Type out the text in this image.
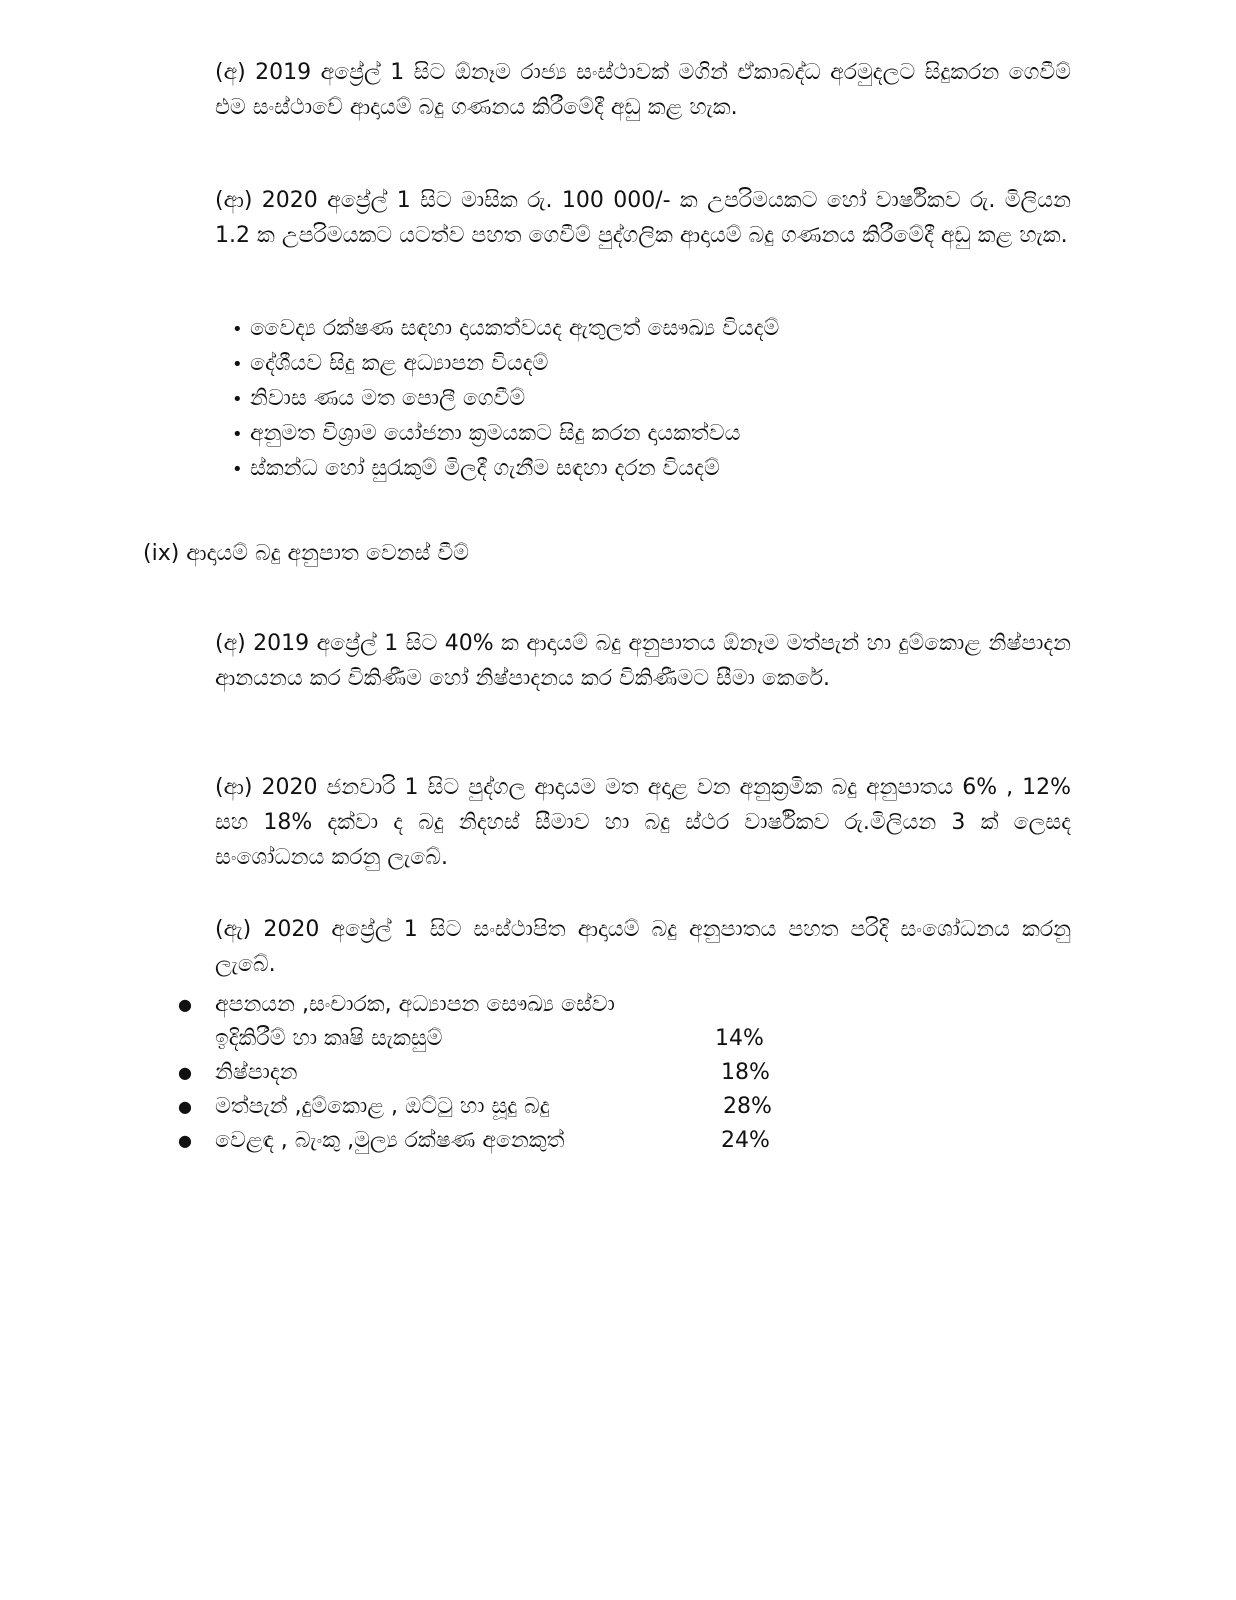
(අ) 2019 අප්‍රේල් 1 සිට ඕනෑම රාජ්‍ය සංස්ථාවක් මගින් ඒකාබද්ධ අරමුදලට සිදුකරන ගෙවීම් එම සංස්ථාවේ ආදායම් බදු ගණනය කිරීමේදී අඩු කළ හැක.

(ආ) 2020 අප්‍රේල් 1 සිට මාසික රු. 100 000/- ක උපරිමයකට හෝ වාර්ෂිකව රු. මිලියන 1.2 ක උපරිමයකට යටත්ව පහත ගෙවීම් පුද්ගලික ආදායම් බදු ගණනය කිරීමේදී අඩු කළ හැක.

• වෛද්‍ය රක්ෂණ සඳහා දායකත්වයද ඇතුලත් සෞඛ්‍ය වියදම්
• දේශීයව සිදු කළ අධ්‍යාපන වියදම්
• නිවාස ණය මත පොලී ගෙවීම්
• අනුමත විශ්‍රාම යෝජනා ක්‍රමයකට සිදු කරන දායකත්වය
• ස්කන්ධ හෝ සුරැකුම් මිලදී ගැනීම සඳහා දරන වියදම්

(ix) ආදායම් බදු අනුපාත වෙනස් වීම්

(අ) 2019 අප්‍රේල් 1 සිට 40% ක ආදායම් බදු අනුපාතය ඕනෑම මත්පැන් හා දුම්කොළ නිෂ්පාදන ආනයනය කර විකිණීම හෝ නිෂ්පාදනය කර විකිණීමට සීමා කෙරේ.

(ආ) 2020 ජනවාරි 1 සිට පුද්ගල ආදායම මත අදාළ වන අනුක්‍රමික බදු අනුපාතය 6% , 12% සහ 18% දක්වා ද බදු නිදහස් සීමාව හා බදු ස්ථර වාර්ෂිකව රු.මිලියන 3 ක් ලෙසද සංශෝධනය කරනු ලැබේ.

(ඇ) 2020 අප්‍රේල් 1 සිට සංස්ථාපිත ආදායම් බදු අනුපාතය පහත පරිදි සංශෝධනය කරනු ලැබේ.

● අපනයන ,සංචාරක, අධ්‍යාපන සෞඛ්‍ය සේවා
ඉදිකිරීම් හා කෘෂි සැකසුම්	14%
● නිෂ්පාදන	18%
● මත්පැන් ,දුම්කොළ , ඔට්ටු හා සූදු බදු	28%
● වෙළඳ , බැංකු ,මුල්‍ය රක්ෂණ අනෙකුත්	24%
